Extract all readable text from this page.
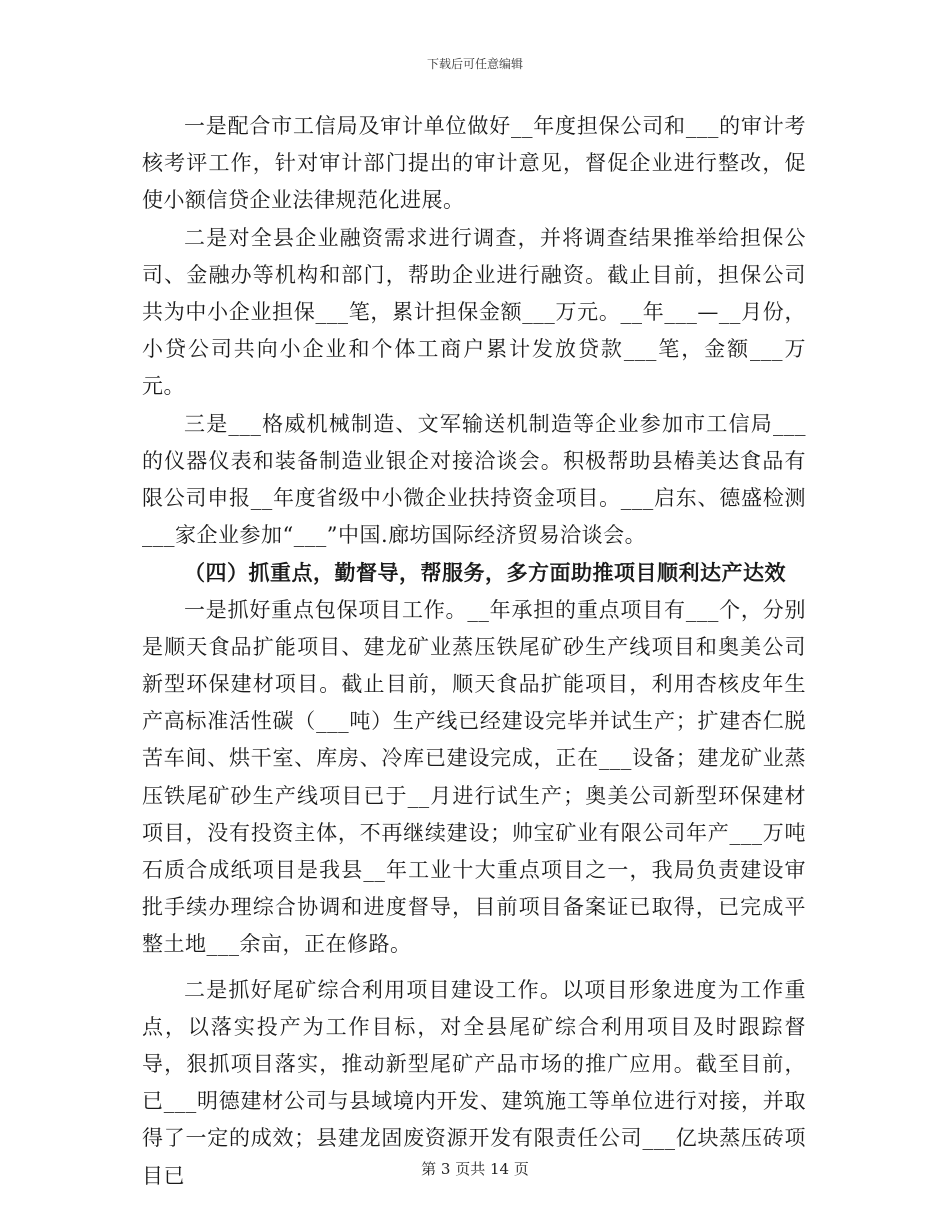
下载后可任意编辑

一是配合市工信局及审计单位做好__年度担保公司和___的审计考核考评工作，针对审计部门提出的审计意见，督促企业进行整改，促使小额信贷企业法律规范化进展。

二是对全县企业融资需求进行调查，并将调查结果推举给担保公司、金融办等机构和部门，帮助企业进行融资。截止目前，担保公司共为中小企业担保___笔，累计担保金额___万元。__年___—__月份，小贷公司共向小企业和个体工商户累计发放贷款___笔，金额___万元。

三是___格威机械制造、文军输送机制造等企业参加市工信局___的仪器仪表和装备制造业银企对接洽谈会。积极帮助县樁美达食品有限公司申报__年度省级中小微企业扶持资金项目。___启东、德盛检测___家企业参加“___”中国.廊坊国际经济贸易洽谈会。

（四）抓重点，勤督导，帮服务，多方面助推项目顺利达产达效

一是抓好重点包保项目工作。__年承担的重点项目有___个，分别是顺天食品扩能项目、建龙矿业蒸压铁尾矿砂生产线项目和奥美公司新型环保建材项目。截止目前，顺天食品扩能项目，利用杏核皮年生产高标准活性碳（___吨）生产线已经建设完毕并试生产；扩建杏仁脱苦车间、烘干室、库房、冷库已建设完成，正在___设备；建龙矿业蒸压铁尾矿砂生产线项目已于__月进行试生产；奥美公司新型环保建材项目，没有投资主体，不再继续建设；帅宝矿业有限公司年产___万吨石质合成纸项目是我县__年工业十大重点项目之一，我局负责建设审批手续办理综合协调和进度督导，目前项目备案证已取得，已完成平整土地___余亩，正在修路。

二是抓好尾矿综合利用项目建设工作。以项目形象进度为工作重点，以落实投产为工作目标，对全县尾矿综合利用项目及时跟踪督导，狠抓项目落实，推动新型尾矿产品市场的推广应用。截至目前，已___明德建材公司与县域境内开发、建筑施工等单位进行对接，并取得了一定的成效；县建龙固废资源开发有限责任公司___亿块蒸压砖项目已	第 3 页共 14 页
